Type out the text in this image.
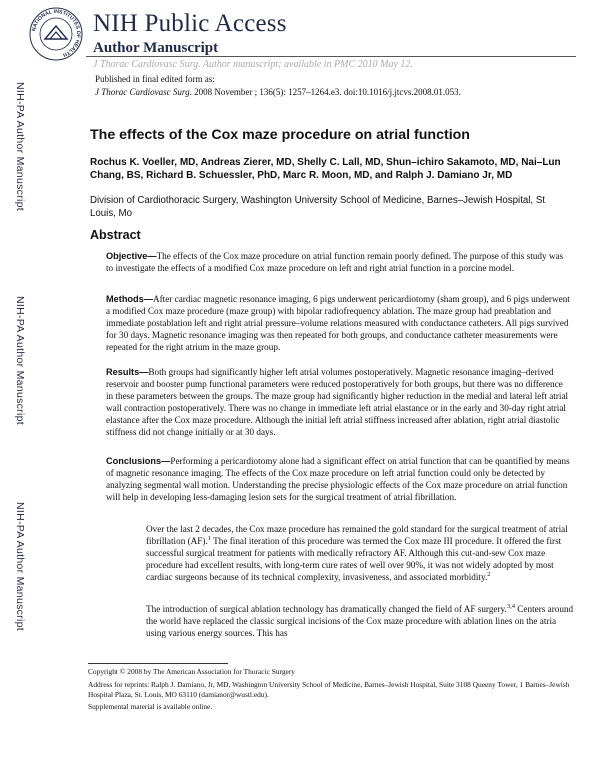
NATIONAL INSTITUTES OF HEALTH
NIH Public Access
Author Manuscript
J Thorac Cardiovasc Surg. Author manuscript; available in PMC 2010 May 12.
NIH-PA Author Manuscript
NIH-PA Author Manuscript
NIH-PA Author Manuscript
Published in final edited form as:
J Thorac Cardiovasc Surg. 2008 November ; 136(5): 1257–1264.e3. doi:10.1016/j.jtcvs.2008.01.053.
The effects of the Cox maze procedure on atrial function
Rochus K. Voeller, MD, Andreas Zierer, MD, Shelly C. Lall, MD, Shun–ichiro Sakamoto, MD, Nai–Lun Chang, BS, Richard B. Schuessler, PhD, Marc R. Moon, MD, and Ralph J. Damiano Jr, MD
Division of Cardiothoracic Surgery, Washington University School of Medicine, Barnes–Jewish Hospital, St Louis, Mo
Abstract
Objective—The effects of the Cox maze procedure on atrial function remain poorly defined. The purpose of this study was to investigate the effects of a modified Cox maze procedure on left and right atrial function in a porcine model.
Methods—After cardiac magnetic resonance imaging, 6 pigs underwent pericardiotomy (sham group), and 6 pigs underwent a modified Cox maze procedure (maze group) with bipolar radiofrequency ablation. The maze group had preablation and immediate postablation left and right atrial pressure–volume relations measured with conductance catheters. All pigs survived for 30 days. Magnetic resonance imaging was then repeated for both groups, and conductance catheter measurements were repeated for the right atrium in the maze group.
Results—Both groups had significantly higher left atrial volumes postoperatively. Magnetic resonance imaging–derived reservoir and booster pump functional parameters were reduced postoperatively for both groups, but there was no difference in these parameters between the groups. The maze group had significantly higher reduction in the medial and lateral left atrial wall contraction postoperatively. There was no change in immediate left atrial elastance or in the early and 30-day right atrial elastance after the Cox maze procedure. Although the initial left atrial stiffness increased after ablation, right atrial diastolic stiffness did not change initially or at 30 days.
Conclusions—Performing a pericardiotomy alone had a significant effect on atrial function that can be quantified by means of magnetic resonance imaging. The effects of the Cox maze procedure on left atrial function could only be detected by analyzing segmental wall motion. Understanding the precise physiologic effects of the Cox maze procedure on atrial function will help in developing less-damaging lesion sets for the surgical treatment of atrial fibrillation.
Over the last 2 decades, the Cox maze procedure has remained the gold standard for the surgical treatment of atrial fibrillation (AF).$^1$ The final iteration of this procedure was termed the Cox maze III procedure. It offered the first successful surgical treatment for patients with medically refractory AF. Although this cut-and-sew Cox maze procedure had excellent results, with long-term cure rates of well over 90%, it was not widely adopted by most cardiac surgeons because of its technical complexity, invasiveness, and associated morbidity.$^2$
The introduction of surgical ablation technology has dramatically changed the field of AF surgery.$^{3,4}$ Centers around the world have replaced the classic surgical incisions of the Cox maze procedure with ablation lines on the atria using various energy sources. This has
Copyright © 2008 by The American Association for Thoracic Surgery
Address for reprints: Ralph J. Damiano, Jr, MD, Washington University School of Medicine, Barnes–Jewish Hospital, Suite 3108 Queeny Tower, 1 Barnes–Jewish Hospital Plaza, St. Louis, MO 63110 (damianor@wustl.edu).
Supplemental material is available online.
